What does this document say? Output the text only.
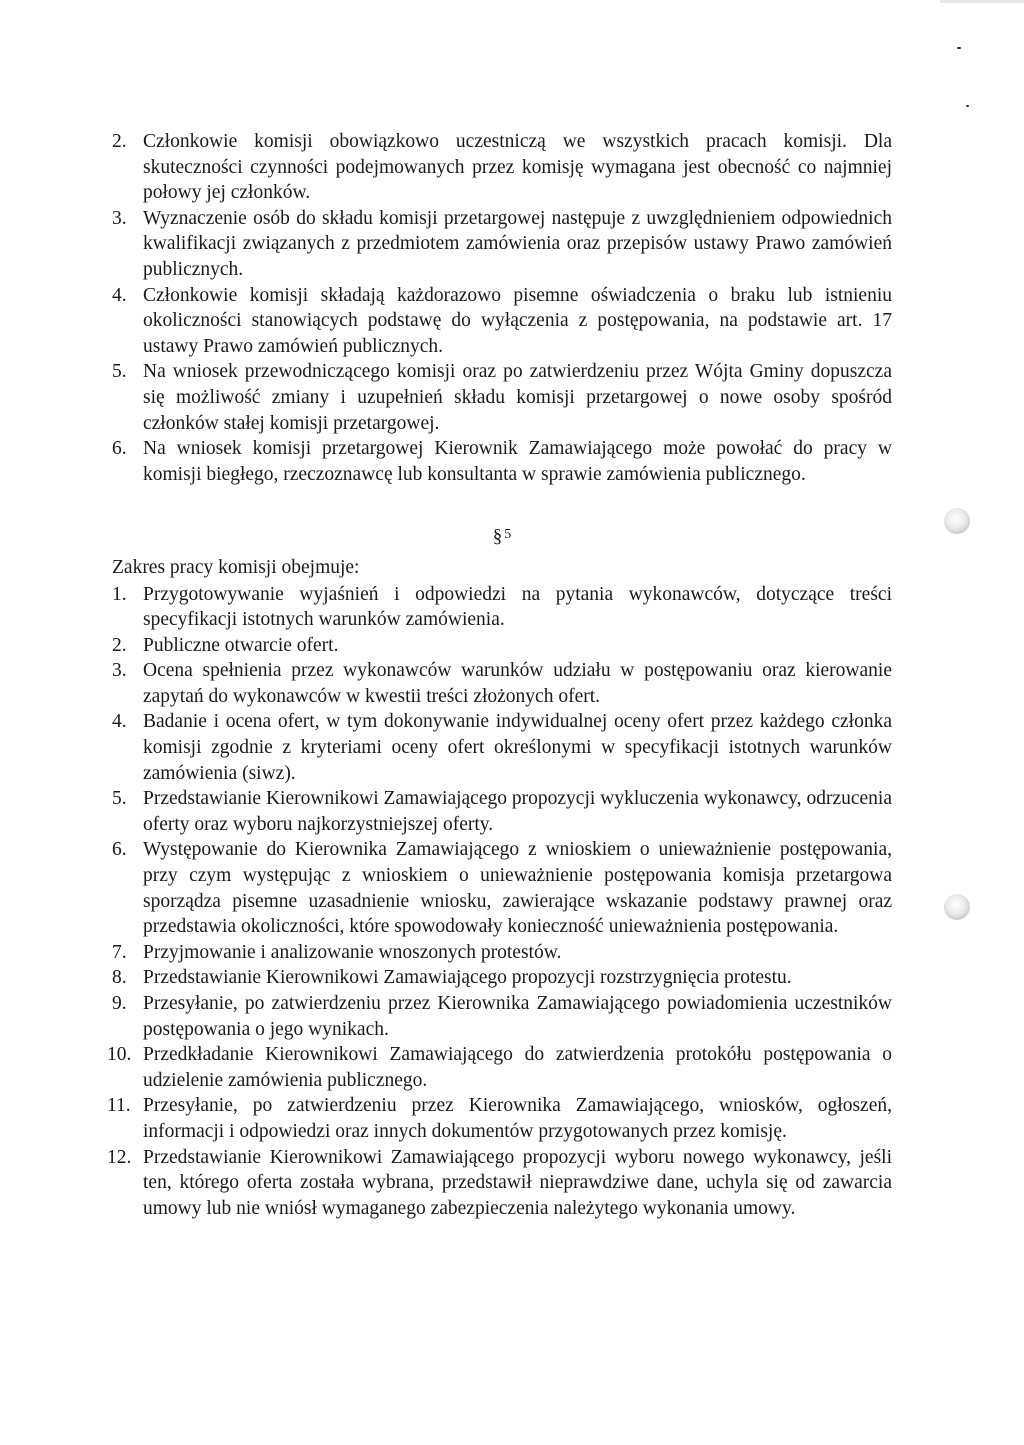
2. Członkowie komisji obowiązkowo uczestniczą we wszystkich pracach komisji. Dla skuteczności czynności podejmowanych przez komisję wymagana jest obecność co najmniej połowy jej członków.
3. Wyznaczenie osób do składu komisji przetargowej następuje z uwzględnieniem odpowiednich kwalifikacji związanych z przedmiotem zamówienia oraz przepisów ustawy Prawo zamówień publicznych.
4. Członkowie komisji składają każdorazowo pisemne oświadczenia o braku lub istnieniu okoliczności stanowiących podstawę do wyłączenia z postępowania, na podstawie art. 17 ustawy Prawo zamówień publicznych.
5. Na wniosek przewodniczącego komisji oraz po zatwierdzeniu przez Wójta Gminy dopuszcza się możliwość zmiany i uzupełnień składu komisji przetargowej o nowe osoby spośród członków stałej komisji przetargowej.
6. Na wniosek komisji przetargowej Kierownik Zamawiającego może powołać do pracy w komisji biegłego, rzeczoznawcę lub konsultanta w sprawie zamówienia publicznego.
§ $^5$

Zakres pracy komisji obejmuje:

1. Przygotowywanie wyjaśnień i odpowiedzi na pytania wykonawców, dotyczące treści specyfikacji istotnych warunków zamówienia.
2. Publiczne otwarcie ofert.
3. Ocena spełnienia przez wykonawców warunków udziału w postępowaniu oraz kierowanie zapytań do wykonawców w kwestii treści złożonych ofert.
4. Badanie i ocena ofert, w tym dokonywanie indywidualnej oceny ofert przez każdego członka komisji zgodnie z kryteriami oceny ofert określonymi w specyfikacji istotnych warunków zamówienia (siwz).
5. Przedstawianie Kierownikowi Zamawiającego propozycji wykluczenia wykonawcy, odrzucenia oferty oraz wyboru najkorzystniejszej oferty.
6. Występowanie do Kierownika Zamawiającego z wnioskiem o unieważnienie postępowania, przy czym występując z wnioskiem o unieważnienie postępowania komisja przetargowa sporządza pisemne uzasadnienie wniosku, zawierające wskazanie podstawy prawnej oraz przedstawia okoliczności, które spowodowały konieczność unieważnienia postępowania.
7. Przyjmowanie i analizowanie wnoszonych protestów.
8. Przedstawianie Kierownikowi Zamawiającego propozycji rozstrzygnięcia protestu.
9. Przesyłanie, po zatwierdzeniu przez Kierownika Zamawiającego powiadomienia uczestników postępowania o jego wynikach.
10. Przedkładanie Kierownikowi Zamawiającego do zatwierdzenia protokółu postępowania o udzielenie zamówienia publicznego.
11. Przesyłanie, po zatwierdzeniu przez Kierownika Zamawiającego, wniosków, ogłoszeń, informacji i odpowiedzi oraz innych dokumentów przygotowanych przez komisję.
12. Przedstawianie Kierownikowi Zamawiającego propozycji wyboru nowego wykonawcy, jeśli ten, którego oferta została wybrana, przedstawił nieprawdziwe dane, uchyla się od zawarcia umowy lub nie wniósł wymaganego zabezpieczenia należytego wykonania umowy.
